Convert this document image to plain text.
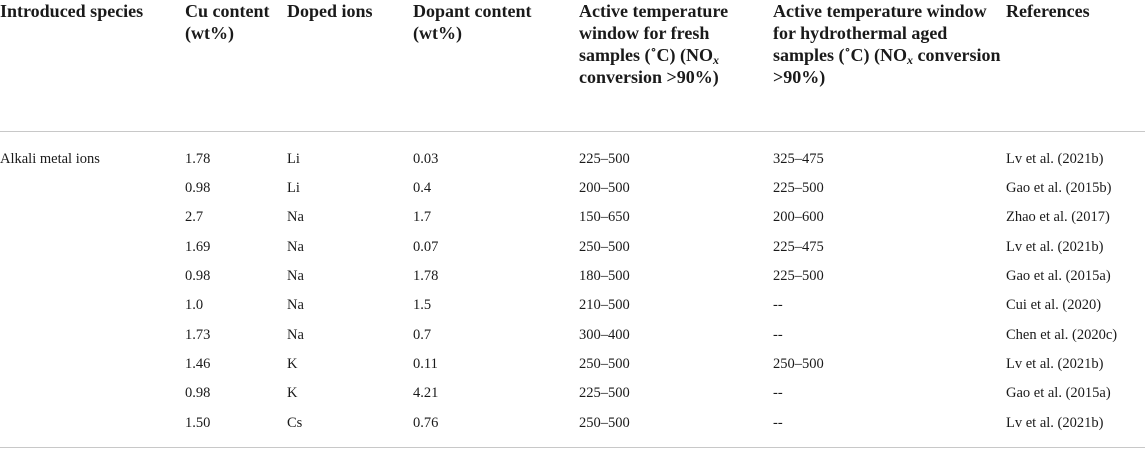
Introduced species	Cu content (wt%)	Doped ions	Dopant content (wt%)	Active temperature window for fresh samples (˚C) ($NO_x$ conversion >90%)	Active temperature window for hydrothermal aged samples (˚C) ($NO_x$ conversion >90%)	References
Alkali metal ions	1.78	Li	0.03	225–500	325–475	Lv et al. (2021b)
	0.98	Li	0.4	200–500	225–500	Gao et al. (2015b)
	2.7	Na	1.7	150–650	200–600	Zhao et al. (2017)
	1.69	Na	0.07	250–500	225–475	Lv et al. (2021b)
	0.98	Na	1.78	180–500	225–500	Gao et al. (2015a)
	1.0	Na	1.5	210–500	--	Cui et al. (2020)
	1.73	Na	0.7	300–400	--	Chen et al. (2020c)
	1.46	K	0.11	250–500	250–500	Lv et al. (2021b)
	0.98	K	4.21	225–500	--	Gao et al. (2015a)
	1.50	Cs	0.76	250–500	--	Lv et al. (2021b)
